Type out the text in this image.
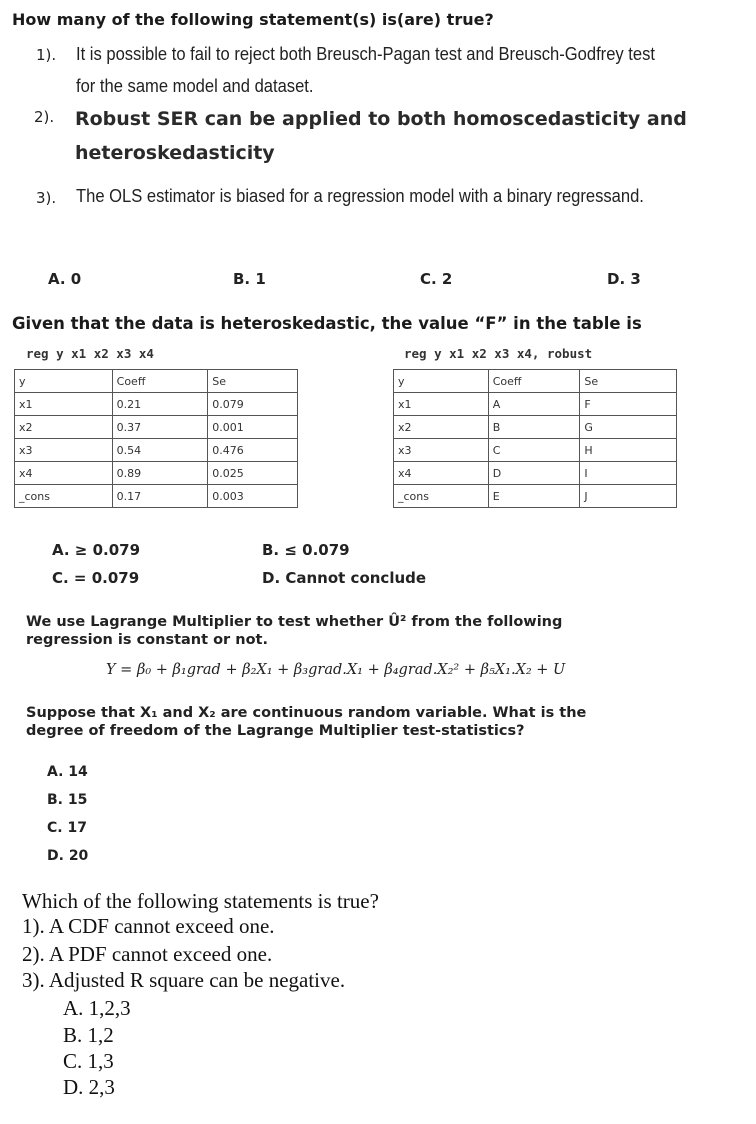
How many of the following statement(s) is(are) true?
1). It is possible to fail to reject both Breusch-Pagan test and Breusch-Godfrey test
for the same model and dataset.
2). Robust SER can be applied to both homoscedasticity and
heteroskedasticity
3). The OLS estimator is biased for a regression model with a binary regressand.
A. 0	B. 1	C. 2	D. 3
Given that the data is heteroskedastic, the value “F” in the table is
reg y x1 x2 x3 x4	reg y x1 x2 x3 x4, robust
y	Coeff	Se
x1	0.21	0.079
x2	0.37	0.001
x3	0.54	0.476
x4	0.89	0.025
_cons	0.17	0.003
y	Coeff	Se
x1	A	F
x2	B	G
x3	C	H
x4	D	I
_cons	E	J
A. ≥ 0.079	B. ≤ 0.079
C. = 0.079	D. Cannot conclude
We use Lagrange Multiplier to test whether Û² from the following
regression is constant or not.
Y = β₀ + β₁grad + β₂X₁ + β₃grad.X₁ + β₄grad.X₂² + β₅X₁.X₂ + U
Suppose that X₁ and X₂ are continuous random variable. What is the
degree of freedom of the Lagrange Multiplier test-statistics?
A. 14
B. 15
C. 17
D. 20
Which of the following statements is true?
1). A CDF cannot exceed one.
2). A PDF cannot exceed one.
3). Adjusted R square can be negative.
A. 1,2,3
B. 1,2
C. 1,3
D. 2,3
